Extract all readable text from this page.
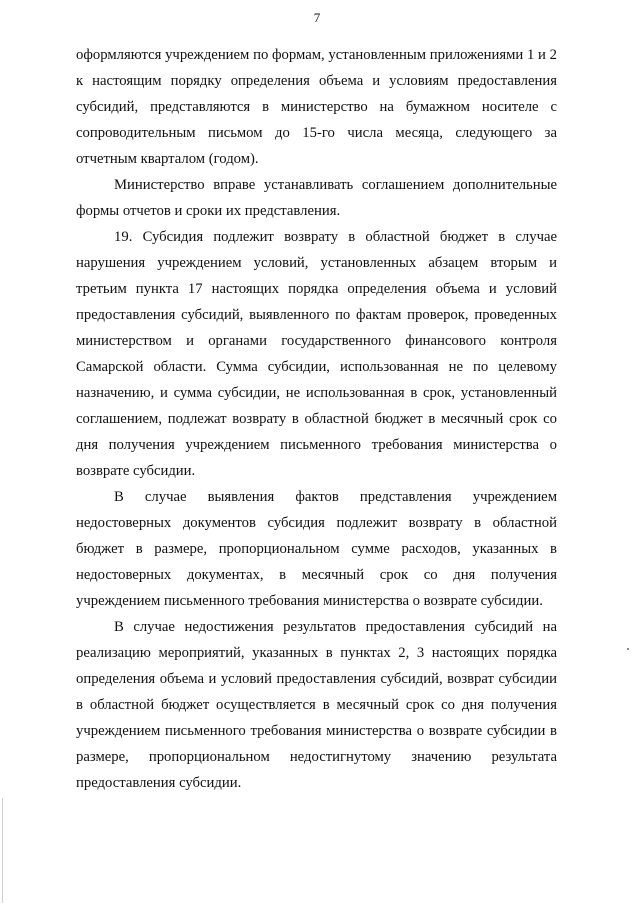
7

оформляются учреждением по формам, установленным приложениями 1 и 2 к настоящим порядку определения объема и условиям предоставления субсидий, представляются в министерство на бумажном носителе с сопроводительным письмом до 15-го числа месяца, следующего за отчетным кварталом (годом).

Министерство вправе устанавливать соглашением дополнительные формы отчетов и сроки их представления.

19. Субсидия подлежит возврату в областной бюджет в случае нарушения учреждением условий, установленных абзацем вторым и третьим пункта 17 настоящих порядка определения объема и условий предоставления субсидий, выявленного по фактам проверок, проведенных министерством и органами государственного финансового контроля Самарской области. Сумма субсидии, использованная не по целевому назначению, и сумма субсидии, не использованная в срок, установленный соглашением, подлежат возврату в областной бюджет в месячный срок со дня получения учреждением письменного требования министерства о возврате субсидии.

В случае выявления фактов представления учреждением недостоверных документов субсидия подлежит возврату в областной бюджет в размере, пропорциональном сумме расходов, указанных в недостоверных документах, в месячный срок со дня получения учреждением письменного требования министерства о возврате субсидии.

В случае недостижения результатов предоставления субсидий на реализацию мероприятий, указанных в пунктах 2, 3 настоящих порядка определения объема и условий предоставления субсидий, возврат субсидии в областной бюджет осуществляется в месячный срок со дня получения учреждением письменного требования министерства о возврате субсидии в размере, пропорциональном недостигнутому значению результата предоставления субсидии.
